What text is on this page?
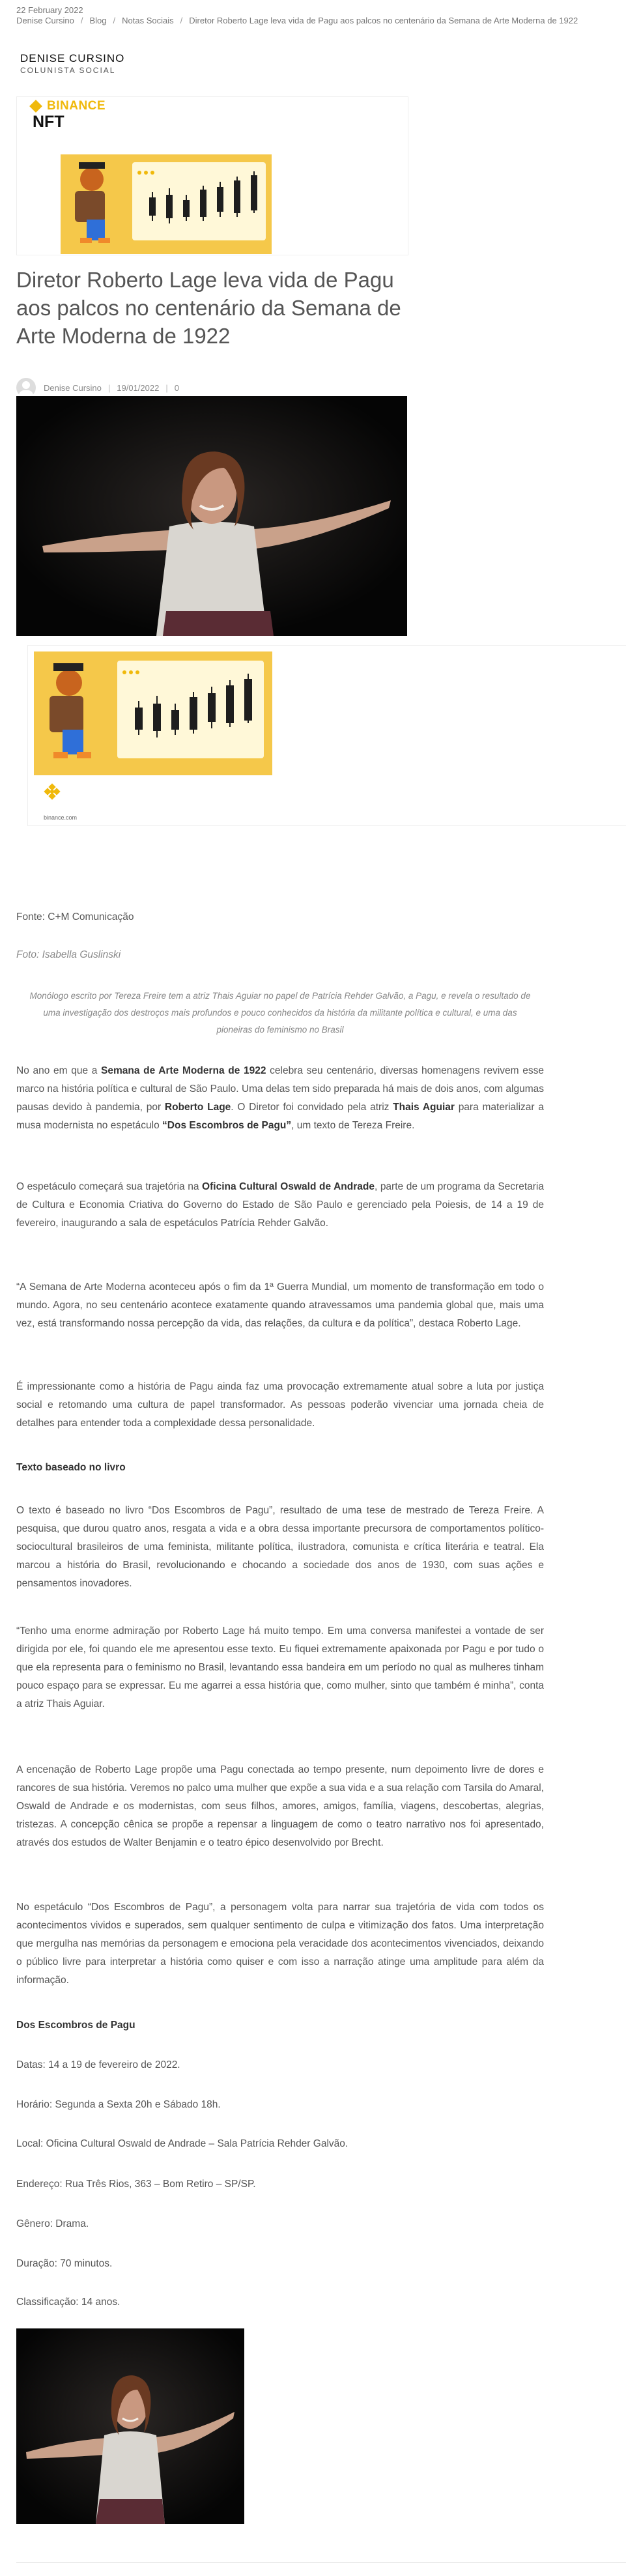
22 February 2022
Denise Cursino / Blog / Notas Sociais / Diretor Roberto Lage leva vida de Pagu aos palcos no centenário da Semana de Arte Moderna de 1922
DENISE CURSINO
COLUNISTA SOCIAL
BINANCE
NFT
Diretor Roberto Lage leva vida de Pagu aos palcos no centenário da Semana de Arte Moderna de 1922
Denise Cursino | 19/01/2022 | 0
binance.com

Fonte: C+M Comunicação

Foto: Isabella Guslinski

Monólogo escrito por Tereza Freire tem a atriz Thais Aguiar no papel de Patrícia Rehder Galvão, a Pagu, e revela o resultado de uma investigação dos destroços mais profundos e pouco conhecidos da história da militante política e cultural, e uma das pioneiras do feminismo no Brasil

No ano em que a Semana de Arte Moderna de 1922 celebra seu centenário, diversas homenagens revivem esse marco na história política e cultural de São Paulo. Uma delas tem sido preparada há mais de dois anos, com algumas pausas devido à pandemia, por Roberto Lage. O Diretor foi convidado pela atriz Thais Aguiar para materializar a musa modernista no espetáculo “Dos Escombros de Pagu”, um texto de Tereza Freire.

O espetáculo começará sua trajetória na Oficina Cultural Oswald de Andrade, parte de um programa da Secretaria de Cultura e Economia Criativa do Governo do Estado de São Paulo e gerenciado pela Poiesis, de 14 a 19 de fevereiro, inaugurando a sala de espetáculos Patrícia Rehder Galvão.

“A Semana de Arte Moderna aconteceu após o fim da 1ª Guerra Mundial, um momento de transformação em todo o mundo. Agora, no seu centenário acontece exatamente quando atravessamos uma pandemia global que, mais uma vez, está transformando nossa percepção da vida, das relações, da cultura e da política”, destaca Roberto Lage.

É impressionante como a história de Pagu ainda faz uma provocação extremamente atual sobre a luta por justiça social e retomando uma cultura de papel transformador. As pessoas poderão vivenciar uma jornada cheia de detalhes para entender toda a complexidade dessa personalidade.

Texto baseado no livro

O texto é baseado no livro “Dos Escombros de Pagu”, resultado de uma tese de mestrado de Tereza Freire. A pesquisa, que durou quatro anos, resgata a vida e a obra dessa importante precursora de comportamentos político-sociocultural brasileiros de uma feminista, militante política, ilustradora, comunista e crítica literária e teatral. Ela marcou a história do Brasil, revolucionando e chocando a sociedade dos anos de 1930, com suas ações e pensamentos inovadores.

“Tenho uma enorme admiração por Roberto Lage há muito tempo. Em uma conversa manifestei a vontade de ser dirigida por ele, foi quando ele me apresentou esse texto. Eu fiquei extremamente apaixonada por Pagu e por tudo o que ela representa para o feminismo no Brasil, levantando essa bandeira em um período no qual as mulheres tinham pouco espaço para se expressar. Eu me agarrei a essa história que, como mulher, sinto que também é minha”, conta a atriz Thais Aguiar.

A encenação de Roberto Lage propõe uma Pagu conectada ao tempo presente, num depoimento livre de dores e rancores de sua história. Veremos no palco uma mulher que expõe a sua vida e a sua relação com Tarsila do Amaral, Oswald de Andrade e os modernistas, com seus filhos, amores, amigos, família, viagens, descobertas, alegrias, tristezas. A concepção cênica se propõe a repensar a linguagem de como o teatro narrativo nos foi apresentado, através dos estudos de Walter Benjamin e o teatro épico desenvolvido por Brecht.

No espetáculo “Dos Escombros de Pagu”, a personagem volta para narrar sua trajetória de vida com todos os acontecimentos vividos e superados, sem qualquer sentimento de culpa e vitimização dos fatos. Uma interpretação que mergulha nas memórias da personagem e emociona pela veracidade dos acontecimentos vivenciados, deixando o público livre para interpretar a história como quiser e com isso a narração atinge uma amplitude para além da informação.

Dos Escombros de Pagu

Datas: 14 a 19 de fevereiro de 2022.

Horário: Segunda a Sexta 20h e Sábado 18h.

Local: Oficina Cultural Oswald de Andrade – Sala Patrícia Rehder Galvão.

Endereço: Rua Três Rios, 363 – Bom Retiro – SP/SP.

Gênero: Drama.

Duração: 70 minutos.

Classificação: 14 anos.
